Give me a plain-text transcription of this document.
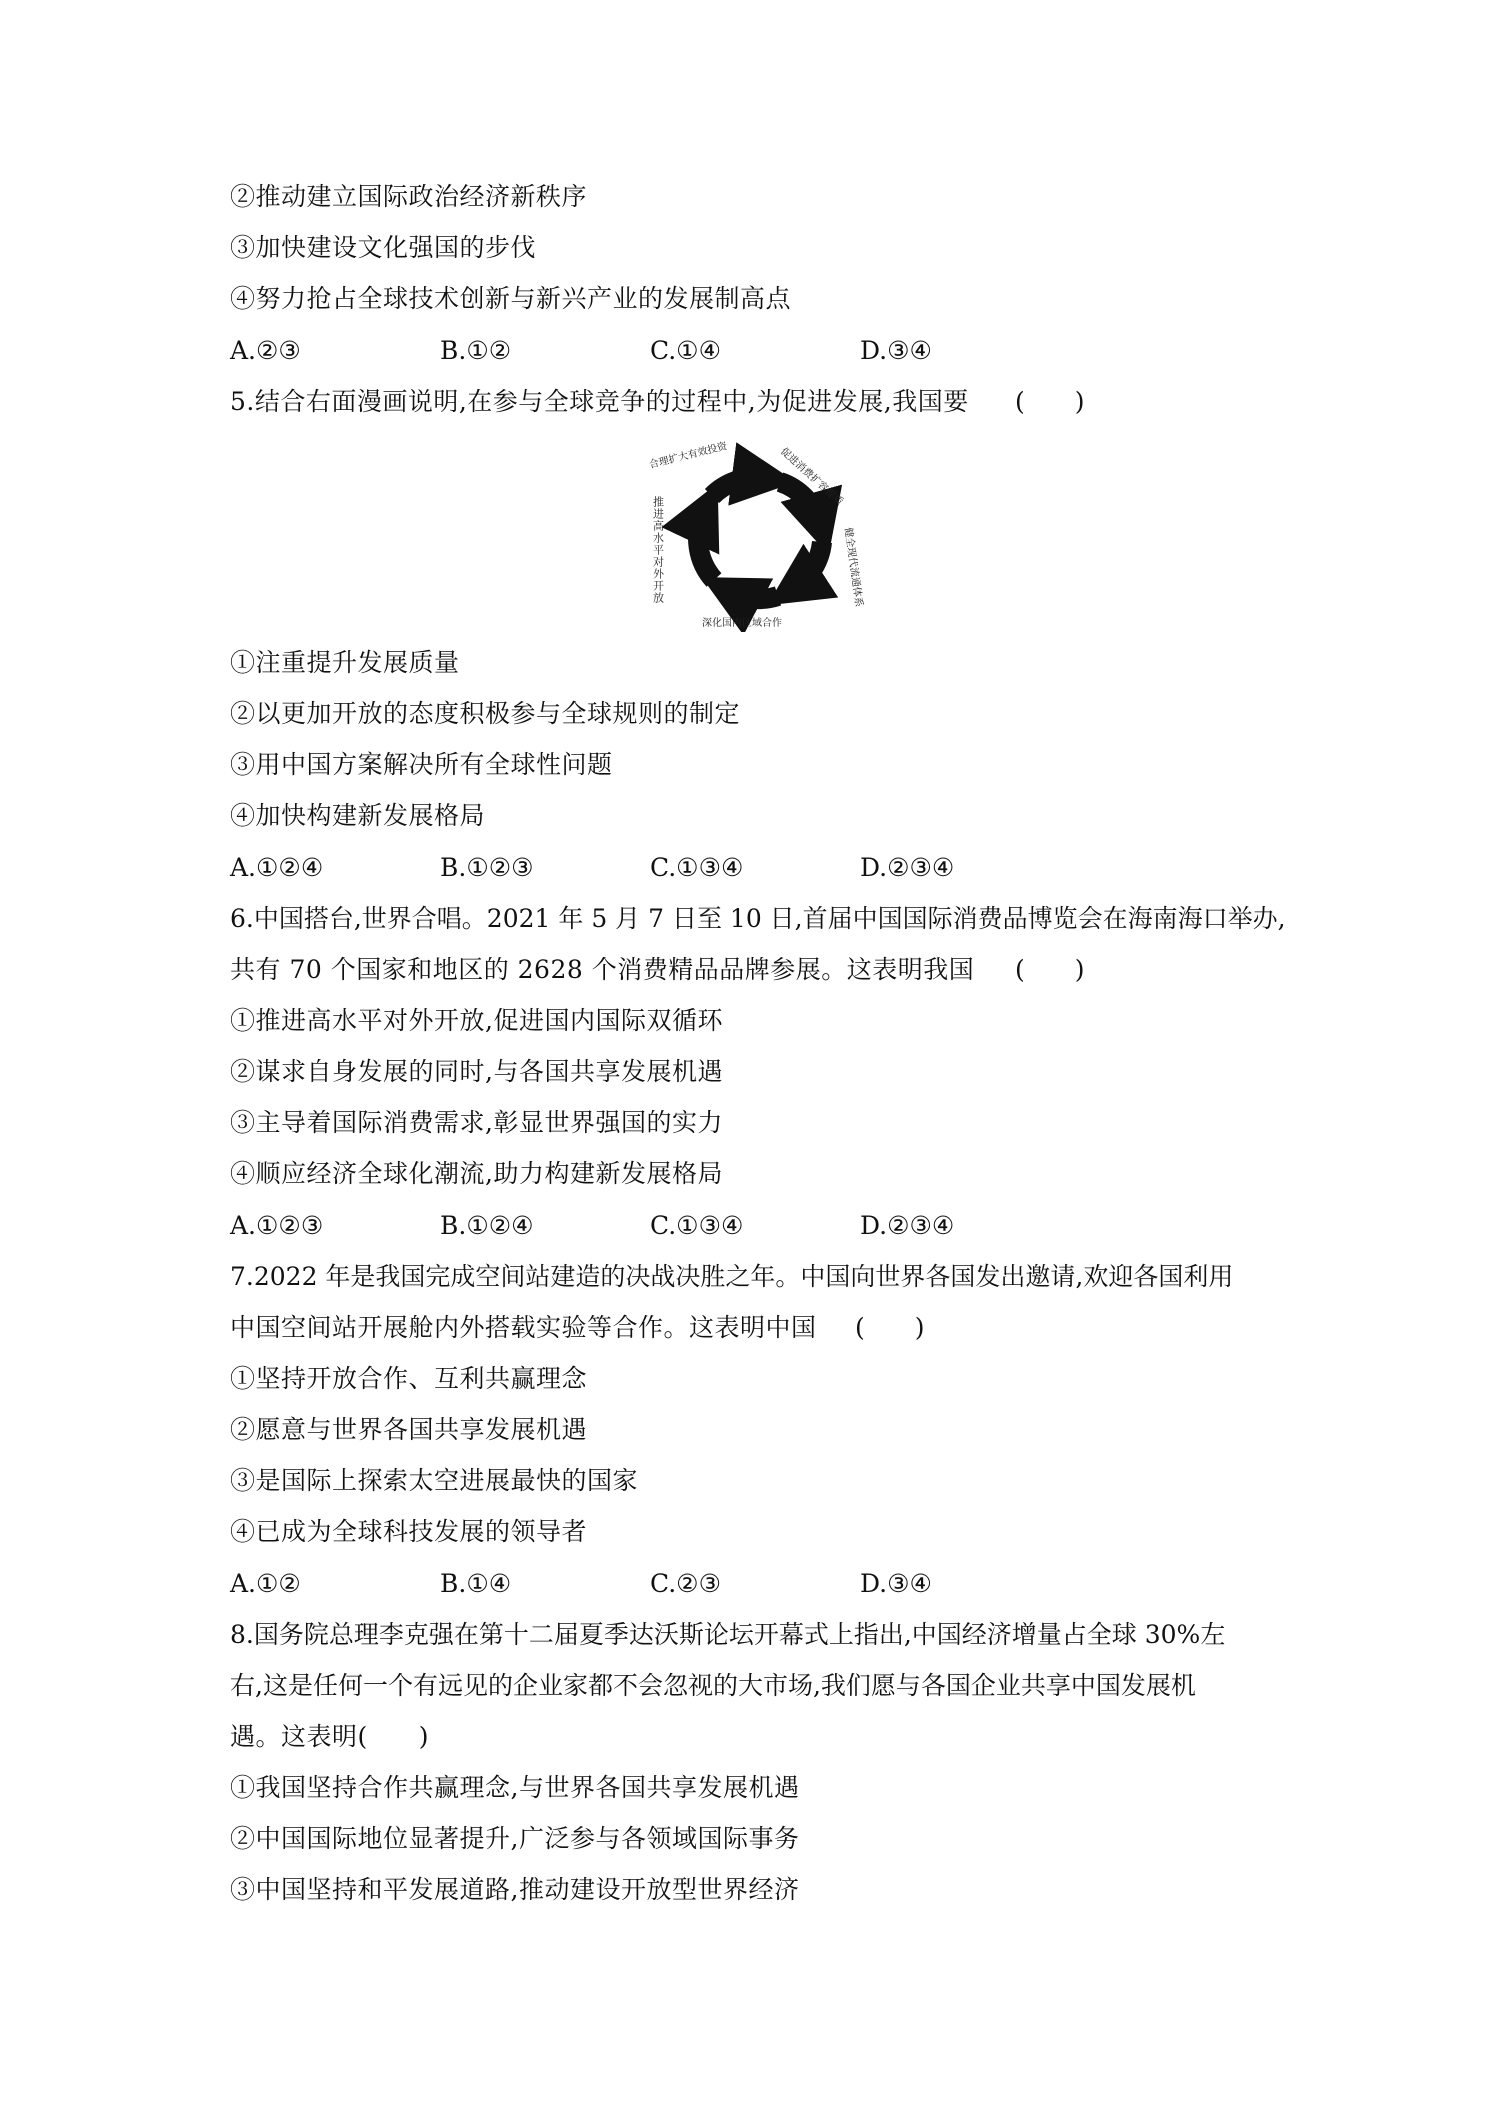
②推动建立国际政治经济新秩序
③加快建设文化强国的步伐
④努力抢占全球技术创新与新兴产业的发展制高点
A.②③	B.①②	C.①④	D.③④
5.结合右面漫画说明,在参与全球竞争的过程中,为促进发展,我国要 (　　)
合理扩大有效投资	促进消费扩容提质
健全现代流通体系
深化国内区域合作
推进高水平对外开放
①注重提升发展质量
②以更加开放的态度积极参与全球规则的制定
③用中国方案解决所有全球性问题
④加快构建新发展格局
A.①②④	B.①②③	C.①③④	D.②③④
6.中国搭台,世界合唱。2021 年 5 月 7 日至 10 日,首届中国国际消费品博览会在海南海口举办,
共有 70 个国家和地区的 2628 个消费精品品牌参展。这表明我国 (　　)
①推进高水平对外开放,促进国内国际双循环
②谋求自身发展的同时,与各国共享发展机遇
③主导着国际消费需求,彰显世界强国的实力
④顺应经济全球化潮流,助力构建新发展格局
A.①②③	B.①②④	C.①③④	D.②③④
7.2022 年是我国完成空间站建造的决战决胜之年。中国向世界各国发出邀请,欢迎各国利用
中国空间站开展舱内外搭载实验等合作。这表明中国 (　　)
①坚持开放合作、互利共赢理念
②愿意与世界各国共享发展机遇
③是国际上探索太空进展最快的国家
④已成为全球科技发展的领导者
A.①②	B.①④	C.②③	D.③④
8.国务院总理李克强在第十二届夏季达沃斯论坛开幕式上指出,中国经济增量占全球 30%左
右,这是任何一个有远见的企业家都不会忽视的大市场,我们愿与各国企业共享中国发展机
遇。这表明(　　)
①我国坚持合作共赢理念,与世界各国共享发展机遇
②中国国际地位显著提升,广泛参与各领域国际事务
③中国坚持和平发展道路,推动建设开放型世界经济
